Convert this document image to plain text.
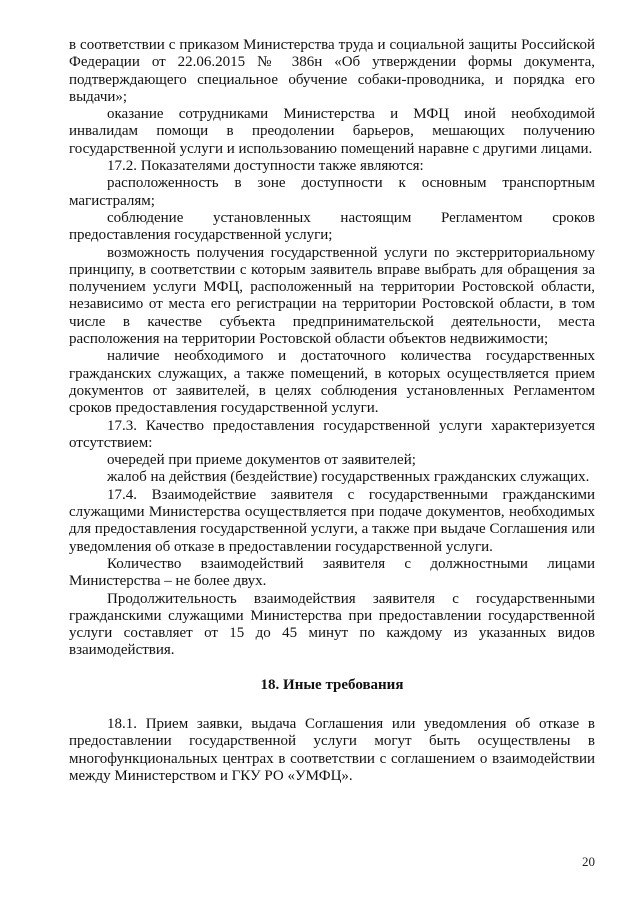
в соответствии с приказом Министерства труда и социальной защиты Российской Федерации от 22.06.2015 № 386н «Об утверждении формы документа, подтверждающего специальное обучение собаки-проводника, и порядка его выдачи»;

оказание сотрудниками Министерства и МФЦ иной необходимой инвалидам помощи в преодолении барьеров, мешающих получению государственной услуги и использованию помещений наравне с другими лицами.

17.2. Показателями доступности также являются:

расположенность в зоне доступности к основным транспортным магистралям;

соблюдение установленных настоящим Регламентом сроков предоставления государственной услуги;

возможность получения государственной услуги по экстерриториальному принципу, в соответствии с которым заявитель вправе выбрать для обращения за получением услуги МФЦ, расположенный на территории Ростовской области, независимо от места его регистрации на территории Ростовской области, в том числе в качестве субъекта предпринимательской деятельности, места расположения на территории Ростовской области объектов недвижимости;

наличие необходимого и достаточного количества государственных гражданских служащих, а также помещений, в которых осуществляется прием документов от заявителей, в целях соблюдения установленных Регламентом сроков предоставления государственной услуги.

17.3. Качество предоставления государственной услуги характеризуется отсутствием:

очередей при приеме документов от заявителей;

жалоб на действия (бездействие) государственных гражданских служащих.

17.4. Взаимодействие заявителя с государственными гражданскими служащими Министерства осуществляется при подаче документов, необходимых для предоставления государственной услуги, а также при выдаче Соглашения или уведомления об отказе в предоставлении государственной услуги.

Количество взаимодействий заявителя с должностными лицами Министерства – не более двух.

Продолжительность взаимодействия заявителя с государственными гражданскими служащими Министерства при предоставлении государственной услуги составляет от 15 до 45 минут по каждому из указанных видов взаимодействия.

18. Иные требования

18.1. Прием заявки, выдача Соглашения или уведомления об отказе в предоставлении государственной услуги могут быть осуществлены в многофункциональных центрах в соответствии с соглашением о взаимодействии между Министерством и ГКУ РО «УМФЦ».

20
